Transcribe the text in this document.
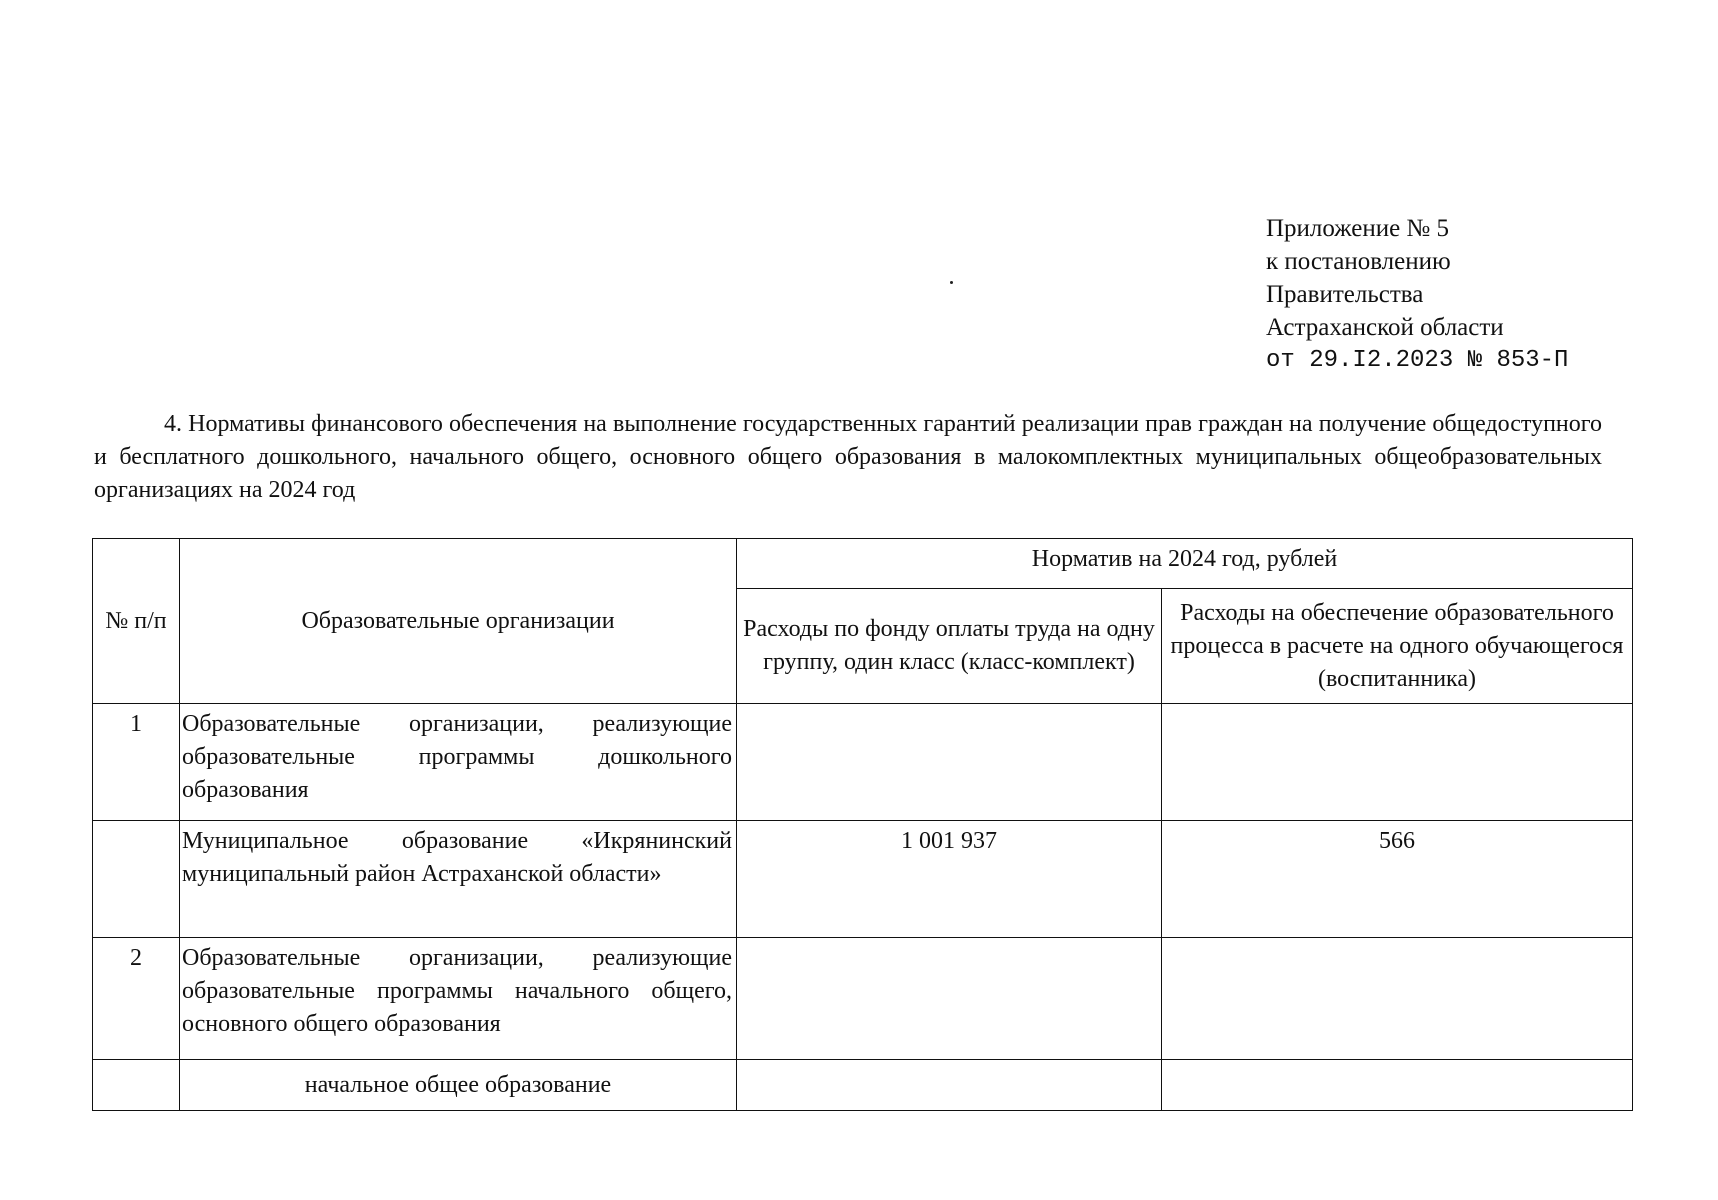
Приложение № 5
к постановлению
Правительства
Астраханской области
от 29.I2.2023 № 853-П
4. Нормативы финансового обеспечения на выполнение государственных гарантий реализации прав граждан на получение общедоступного и бесплатного дошкольного, начального общего, основного общего образования в малокомплектных муниципальных общеобразовательных организациях на 2024 год
№ п/п	Образовательные организации	Норматив на 2024 год, рублей	
		Расходы по фонду оплаты труда на одну группу, один класс (класс-комплект)	Расходы на обеспечение образовательного процесса в расчете на одного обучающегося (воспитанника)
1	Образовательные организации, реализующие образовательные программы дошкольного образования		
	Муниципальное образование «Икрянинский муниципальный район Астраханской области»	1 001 937	566
2	Образовательные организации, реализующие образовательные программы начального общего, основного общего образования		
	начальное общее образование		
